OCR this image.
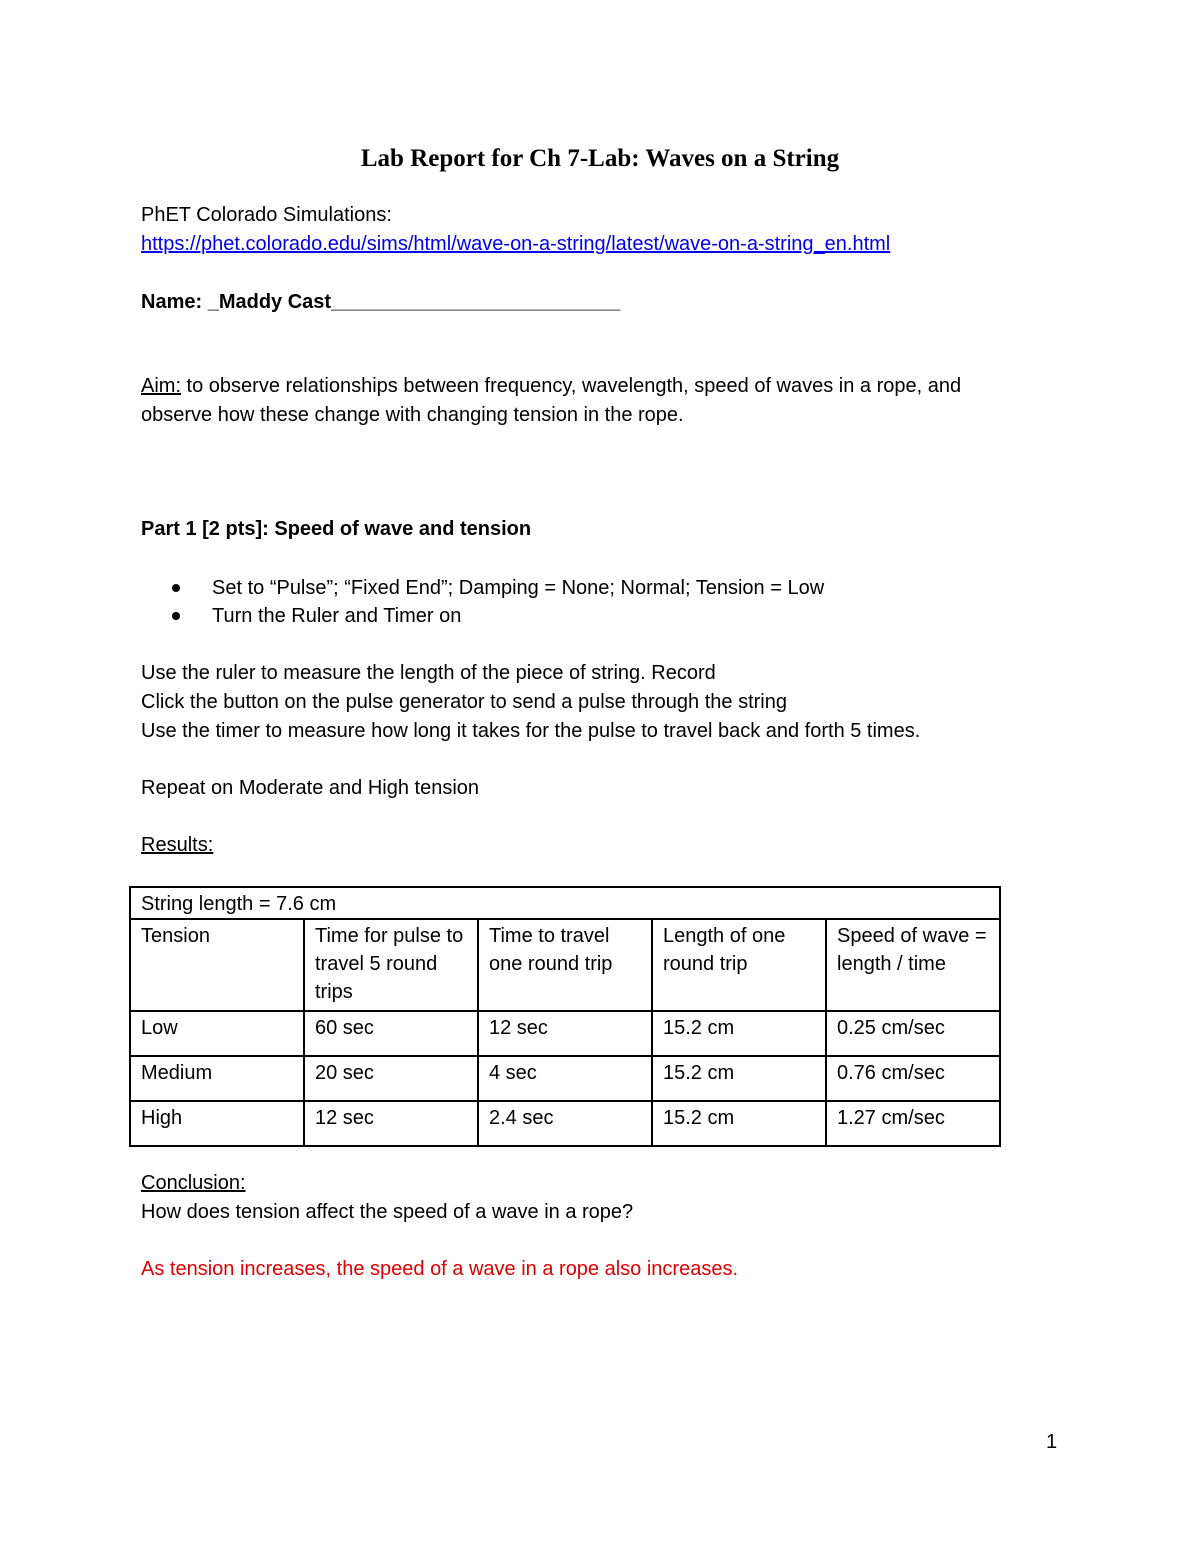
Lab Report for Ch 7-Lab: Waves on a String
PhET Colorado Simulations:
https://phet.colorado.edu/sims/html/wave-on-a-string/latest/wave-on-a-string_en.html
Name: _Maddy Cast__________________________
Aim: to observe relationships between frequency, wavelength, speed of waves in a rope, and
observe how these change with changing tension in the rope.
Part 1 [2 pts]: Speed of wave and tension
Set to “Pulse”; “Fixed End”; Damping = None; Normal; Tension = Low
Turn the Ruler and Timer on
Use the ruler to measure the length of the piece of string. Record
Click the button on the pulse generator to send a pulse through the string
Use the timer to measure how long it takes for the pulse to travel back and forth 5 times.
Repeat on Moderate and High tension
Results:
String length = 7.6 cm				
Tension	Time for pulse to travel 5 round trips	Time to travel one round trip	Length of one round trip	Speed of wave = length / time
Low	60 sec	12 sec	15.2 cm	0.25 cm/sec
Medium	20 sec	4 sec	15.2 cm	0.76 cm/sec
High	12 sec	2.4 sec	15.2 cm	1.27 cm/sec
Conclusion:
How does tension affect the speed of a wave in a rope?
As tension increases, the speed of a wave in a rope also increases.
1
